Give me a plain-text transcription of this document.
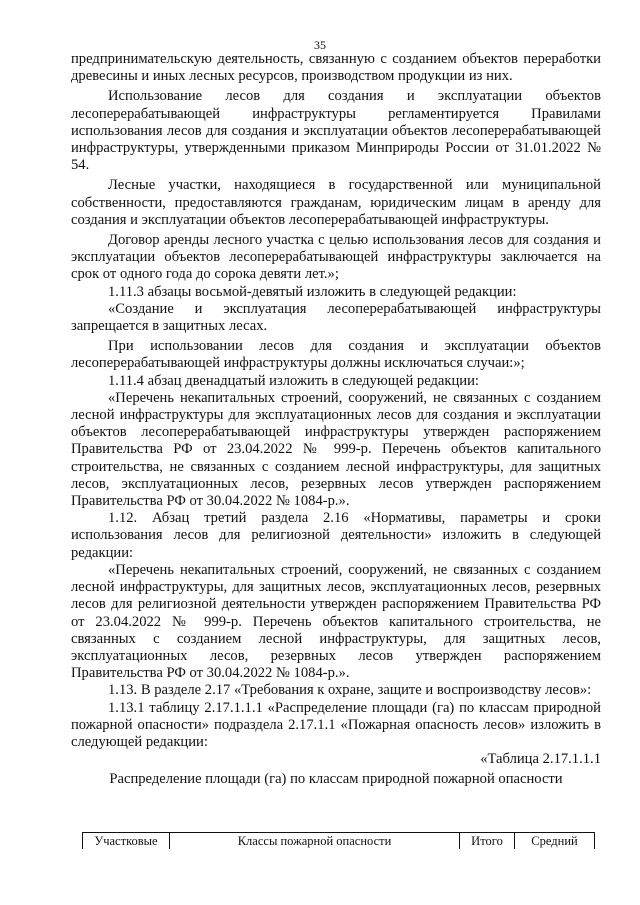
35

предпринимательскую деятельность, связанную с созданием объектов переработки древесины и иных лесных ресурсов, производством продукции из них.

Использование лесов для создания и эксплуатации объектов лесоперерабатывающей инфраструктуры регламентируется Правилами использования лесов для создания и эксплуатации объектов лесоперерабатывающей инфраструктуры, утвержденными приказом Минприроды России от 31.01.2022 № 54.

Лесные участки, находящиеся в государственной или муниципальной собственности, предоставляются гражданам, юридическим лицам в аренду для создания и эксплуатации объектов лесоперерабатывающей инфраструктуры.

Договор аренды лесного участка с целью использования лесов для создания и эксплуатации объектов лесоперерабатывающей инфраструктуры заключается на срок от одного года до сорока девяти лет.»;

1.11.3 абзацы восьмой-девятый изложить в следующей редакции:

«Создание и эксплуатация лесоперерабатывающей инфраструктуры запрещается в защитных лесах.

При использовании лесов для создания и эксплуатации объектов лесоперерабатывающей инфраструктуры должны исключаться случаи:»;

1.11.4 абзац двенадцатый изложить в следующей редакции:

«Перечень некапитальных строений, сооружений, не связанных с созданием лесной инфраструктуры для эксплуатационных лесов для создания и эксплуатации объектов лесоперерабатывающей инфраструктуры утвержден распоряжением Правительства РФ от 23.04.2022 № 999-р. Перечень объектов капитального строительства, не связанных с созданием лесной инфраструктуры, для защитных лесов, эксплуатационных лесов, резервных лесов утвержден распоряжением Правительства РФ от 30.04.2022 № 1084-р.».

1.12. Абзац третий раздела 2.16 «Нормативы, параметры и сроки использования лесов для религиозной деятельности» изложить в следующей редакции:

«Перечень некапитальных строений, сооружений, не связанных с созданием лесной инфраструктуры, для защитных лесов, эксплуатационных лесов, резервных лесов для религиозной деятельности утвержден распоряжением Правительства РФ от 23.04.2022 № 999-р. Перечень объектов капитального строительства, не связанных с созданием лесной инфраструктуры, для защитных лесов, эксплуатационных лесов, резервных лесов утвержден распоряжением Правительства РФ от 30.04.2022 № 1084-р.».

1.13. В разделе 2.17 «Требования к охране, защите и воспроизводству лесов»:

1.13.1 таблицу 2.17.1.1.1 «Распределение площади (га) по классам природной пожарной опасности» подраздела 2.17.1.1 «Пожарная опасность лесов» изложить в следующей редакции:

«Таблица 2.17.1.1.1

Распределение площади (га) по классам природной пожарной опасности

Участковые	Классы пожарной опасности	Итого	Средний
